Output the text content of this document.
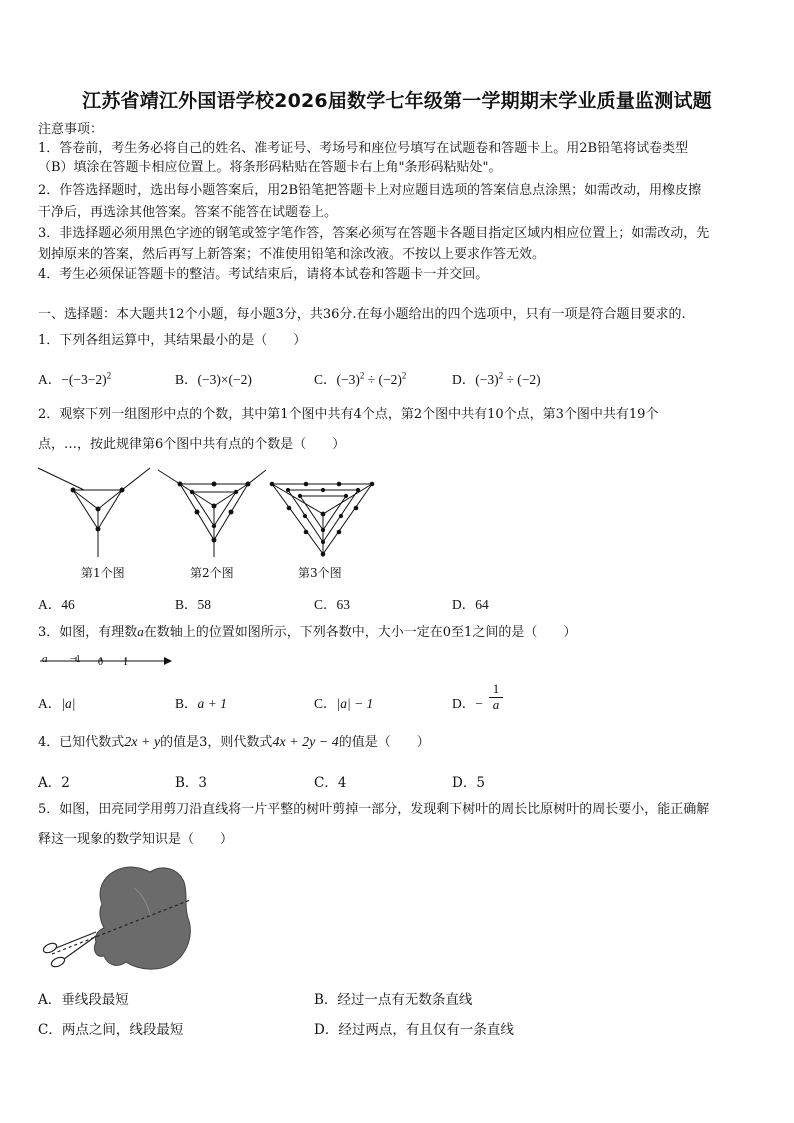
江苏省靖江外国语学校2026届数学七年级第一学期期末学业质量监测试题
注意事项：
1．答卷前，考生务必将自己的姓名、准考证号、考场号和座位号填写在试题卷和答题卡上。用2B铅笔将试卷类型
（B）填涂在答题卡相应位置上。将条形码粘贴在答题卡右上角"条形码粘贴处"。
2．作答选择题时，选出每小题答案后，用2B铅笔把答题卡上对应题目选项的答案信息点涂黑；如需改动，用橡皮擦
干净后，再选涂其他答案。答案不能答在试题卷上。
3．非选择题必须用黑色字迹的钢笔或签字笔作答，答案必须写在答题卡各题目指定区域内相应位置上；如需改动，先
划掉原来的答案，然后再写上新答案；不准使用铅笔和涂改液。不按以上要求作答无效。
4．考生必须保证答题卡的整洁。考试结束后，请将本试卷和答题卡一并交回。
一、选择题：本大题共12个小题，每小题3分，共36分.在每小题给出的四个选项中，只有一项是符合题目要求的.
1．下列各组运算中，其结果最小的是（　　）
A．$-(-3-2)^2$	B．(−3)×(−2)	C．$(-3)^2 \div (-2)^2$	D．$(-3)^2 \div (-2)$
2．观察下列一组图形中点的个数，其中第1个图中共有4个点，第2个图中共有10个点，第3个图中共有19个
点，…，按此规律第6个图中共有点的个数是（　　）
第1个图	第2个图	第3个图
A．46	B．58	C．63	D．64
3．如图，有理数a在数轴上的位置如图所示，下列各数中，大小一定在0至1之间的是（　　）
a −1 0 1
A．|a|	B．a + 1	C．|a| − 1	D．−
1
a
4．已知代数式2x + y的值是3，则代数式4x + 2y − 4的值是（　　）
A．2	B．3	C．4	D．5
5．如图，田亮同学用剪刀沿直线将一片平整的树叶剪掉一部分，发现剩下树叶的周长比原树叶的周长要小，能正确解
释这一现象的数学知识是（　　）
A．垂线段最短	B．经过一点有无数条直线
C．两点之间，线段最短	D．经过两点，有且仅有一条直线
